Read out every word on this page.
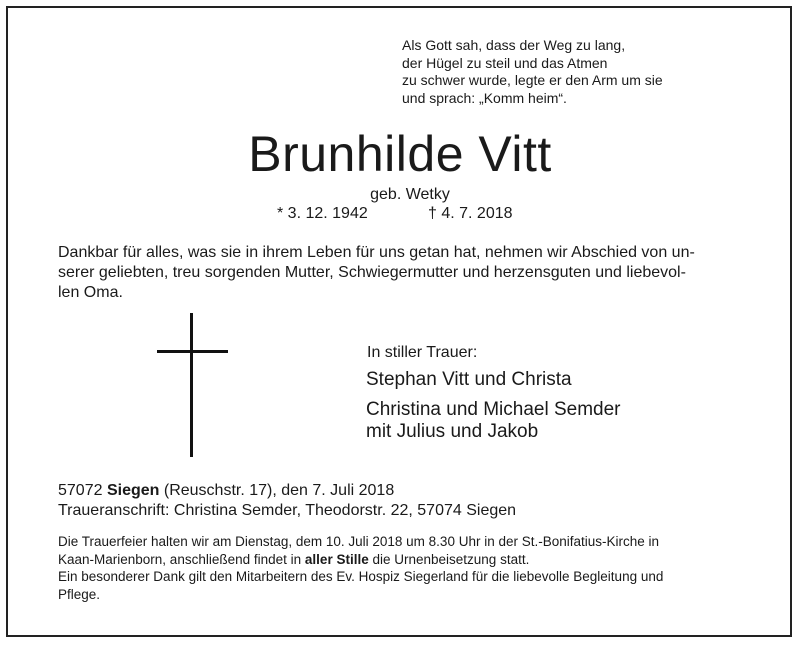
Als Gott sah, dass der Weg zu lang,
der Hügel zu steil und das Atmen
zu schwer wurde, legte er den Arm um sie
und sprach: „Komm heim“.
Brunhilde Vitt
geb. Wetky
* 3. 12. 1942	† 4. 7. 2018
Dankbar für alles, was sie in ihrem Leben für uns getan hat, nehmen wir Abschied von un-
serer geliebten, treu sorgenden Mutter, Schwiegermutter und herzensguten und liebevol-
len Oma.
In stiller Trauer:
Stephan Vitt und Christa
Christina und Michael Semder
mit Julius und Jakob
57072 Siegen (Reuschstr. 17), den 7. Juli 2018
Traueranschrift: Christina Semder, Theodorstr. 22, 57074 Siegen
Die Trauerfeier halten wir am Dienstag, dem 10. Juli 2018 um 8.30 Uhr in der St.-Bonifatius-Kirche in
Kaan-Marienborn, anschließend findet in aller Stille die Urnenbeisetzung statt.
Ein besonderer Dank gilt den Mitarbeitern des Ev. Hospiz Siegerland für die liebevolle Begleitung und
Pflege.
